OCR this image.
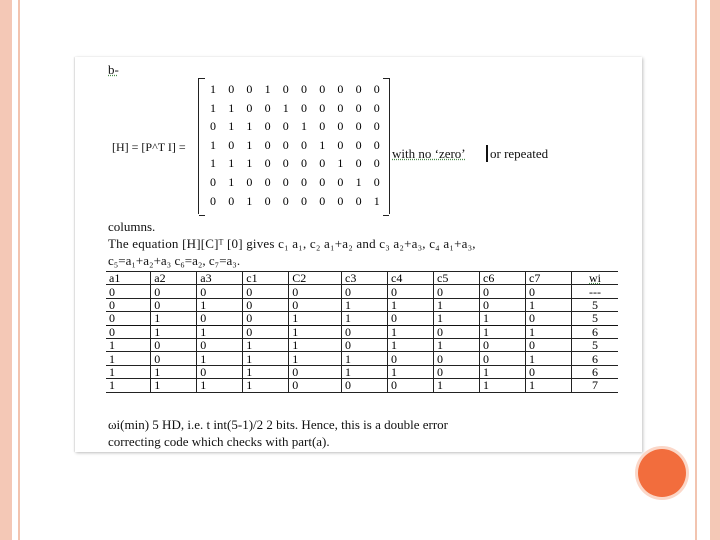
b-
[H] = [P^T I] =
1	0	0	1	0	0	0	0	0	0
1	1	0	0	1	0	0	0	0	0
0	1	1	0	0	1	0	0	0	0
1	0	1	0	0	0	1	0	0	0
1	1	1	0	0	0	0	1	0	0
0	1	0	0	0	0	0	0	1	0
0	0	1	0	0	0	0	0	0	1
with no ‘zero’ or repeated
columns.
The equation [H][C]ᵀ [0] gives c₁ a₁, c₂ a₁+a₂ and c₃ a₂+a₃, c₄ a₁+a₃,
c₅=a₁+a₂+a₃ c₆=a₂, c₇=a₃.
a1	a2	a3	c1	C2	c3	c4	c5	c6	c7	wi
0	0	0	0	0	0	0	0	0	0	---
0	0	1	0	0	1	1	1	0	1	5
0	1	0	0	1	1	0	1	1	0	5
0	1	1	0	1	0	1	0	1	1	6
1	0	0	1	1	0	1	1	0	0	5
1	0	1	1	1	1	0	0	0	1	6
1	1	0	1	0	1	1	0	1	0	6
1	1	1	1	0	0	0	1	1	1	7
ωi(min) 5 HD, i.e. t int(5-1)/2 2 bits. Hence, this is a double error
correcting code which checks with part(a).
